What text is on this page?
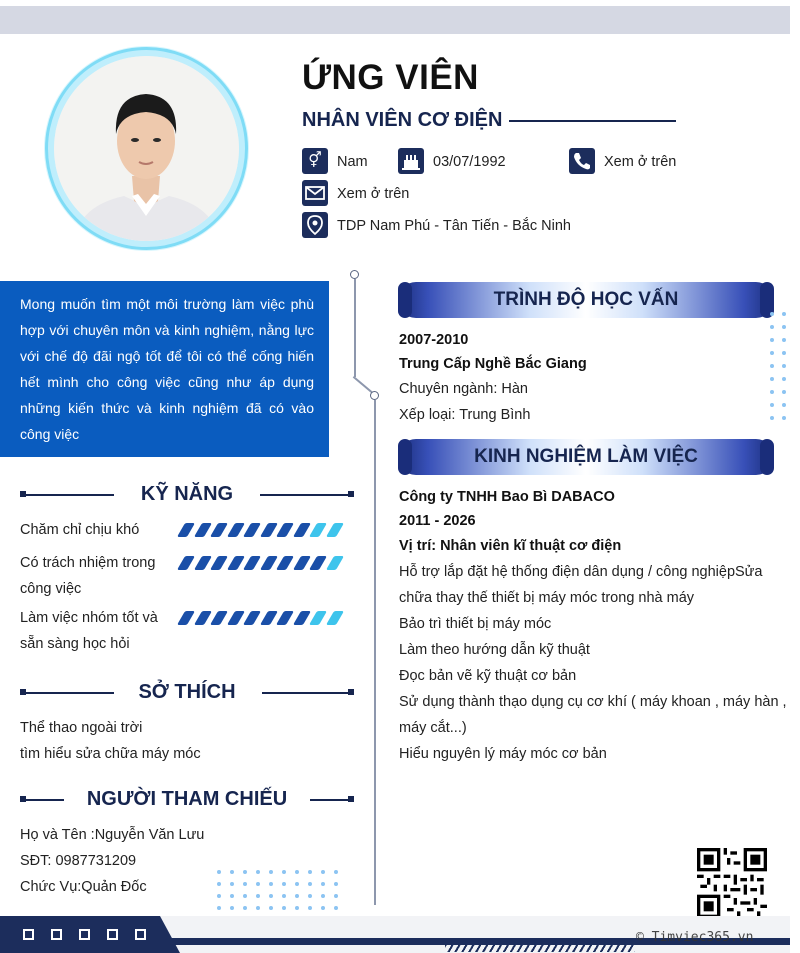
ỨNG VIÊN
NHÂN VIÊN CƠ ĐIỆN
⚥	Nam	03/07/1992	Xem ở trên
Xem ở trên
TDP Nam Phú - Tân Tiến - Bắc Ninh
Mong muốn tìm một môi trường làm việc phù hợp với chuyên môn và kinh nghiệm, nằng lực với chế độ đãi ngộ tốt để tôi có thể cống hiến hết mình cho công việc cũng như áp dụng những kiến thức và kinh nghiệm đã có vào công việc
KỸ NĂNG
Chăm chỉ chịu khó
Có trách nhiệm trong
công việc
Làm việc nhóm tốt và
sẵn sàng học hỏi
SỞ THÍCH
Thể thao ngoài trời
tìm hiểu sửa chữa máy móc
NGƯỜI THAM CHIẾU
Họ và Tên :Nguyễn Văn Lưu
SĐT: 0987731209
Chức Vụ:Quản Đốc
TRÌNH ĐỘ HỌC VẤN
2007-2010
Trung Cấp Nghề Bắc Giang
Chuyên ngành: Hàn
Xếp loại: Trung Bình
KINH NGHIỆM LÀM VIỆC
Công ty TNHH Bao Bì DABACO
2011 - 2026
Vị trí: Nhân viên kĩ thuật cơ điện
Hỗ trợ lắp đặt hệ thống điện dân dụng / công nghiệpSửa
chữa thay thế thiết bị máy móc trong nhà máy
Bảo trì thiết bị máy móc
Làm theo hướng dẫn kỹ thuật
Đọc bản vẽ kỹ thuật cơ bản
Sử dụng thành thạo dụng cụ cơ khí ( máy khoan , máy hàn ,
máy cắt...)
Hiểu nguyên lý máy móc cơ bản
© Timviec365.vn
